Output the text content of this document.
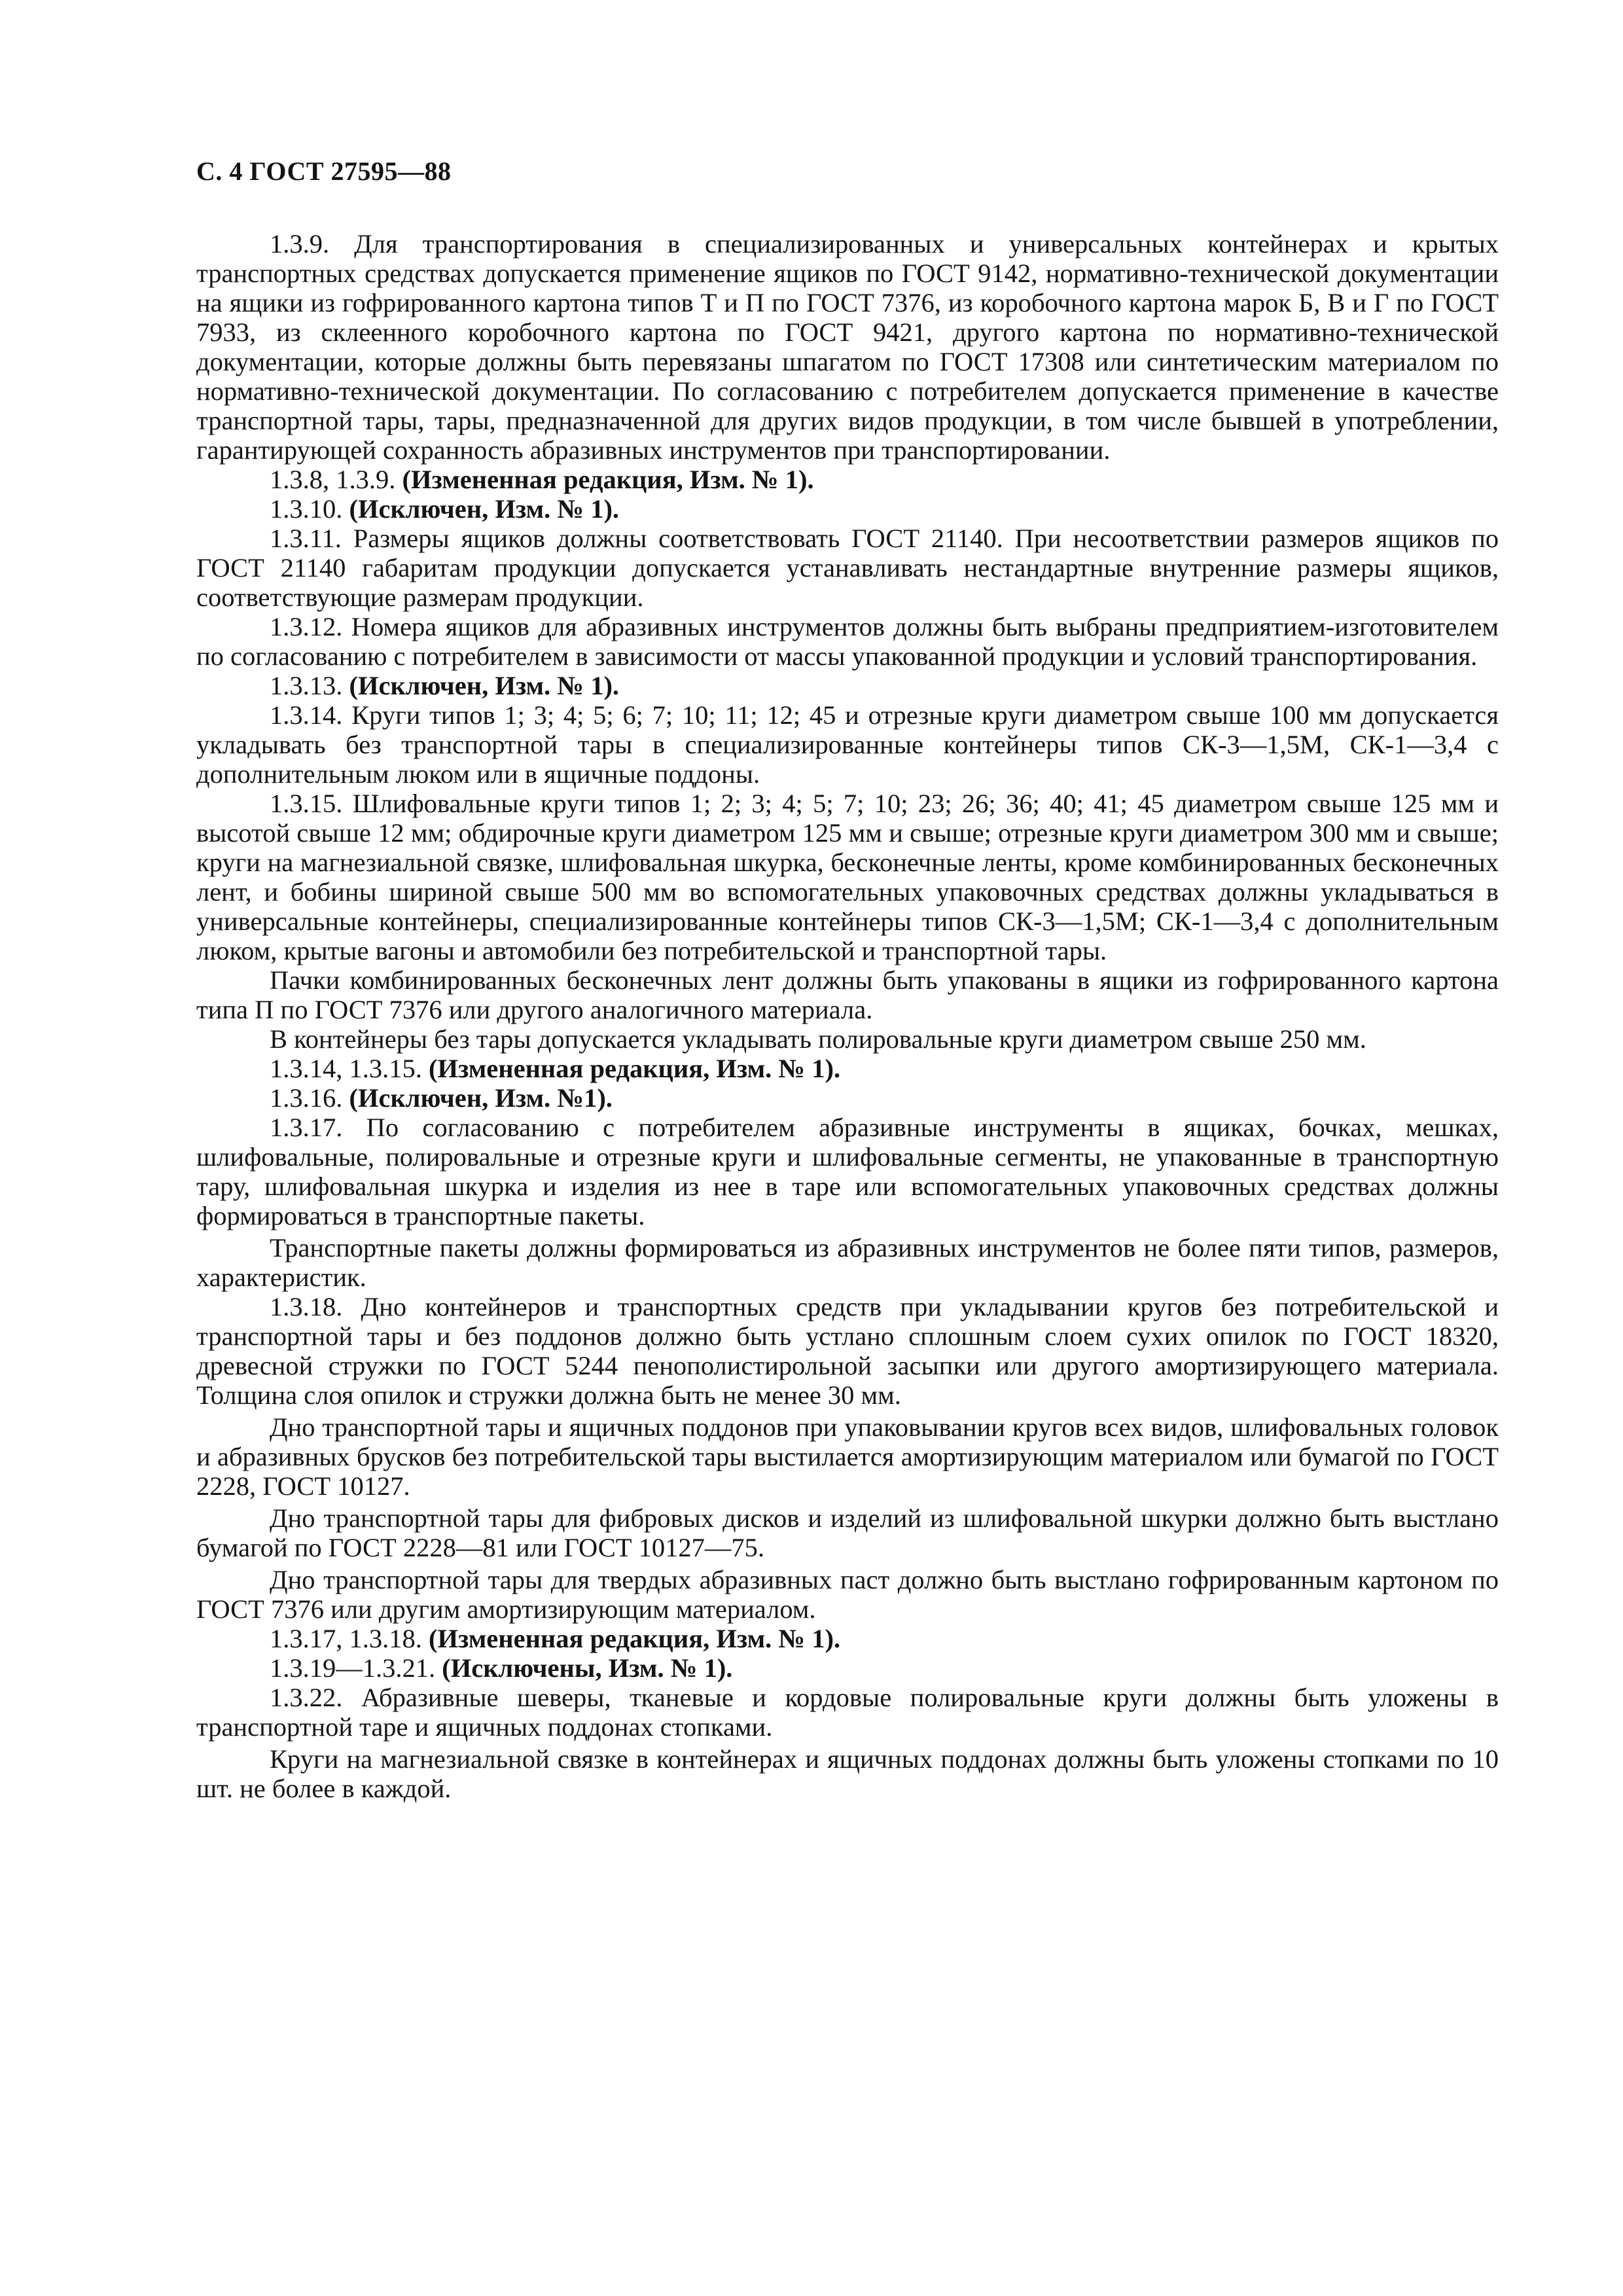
С. 4 ГОСТ 27595—88

1.3.9. Для транспортирования в специализированных и универсальных контейнерах и крытых транспортных средствах допускается применение ящиков по ГОСТ 9142, нормативно-технической документации на ящики из гофрированного картона типов Т и П по ГОСТ 7376, из коробочного картона марок Б, В и Г по ГОСТ 7933, из склеенного коробочного картона по ГОСТ 9421, другого картона по нормативно-технической документации, которые должны быть перевязаны шпагатом по ГОСТ 17308 или синтетическим материалом по нормативно-технической документации. По согласованию с потребителем допускается применение в качестве транспортной тары, тары, предназначенной для других видов продукции, в том числе бывшей в употреблении, гарантирующей сохранность абразивных инструментов при транспортировании.

1.3.8, 1.3.9. (Измененная редакция, Изм. № 1).

1.3.10. (Исключен, Изм. № 1).

1.3.11. Размеры ящиков должны соответствовать ГОСТ 21140. При несоответствии размеров ящиков по ГОСТ 21140 габаритам продукции допускается устанавливать нестандартные внутренние размеры ящиков, соответствующие размерам продукции.

1.3.12. Номера ящиков для абразивных инструментов должны быть выбраны предприятием-изготовителем по согласованию с потребителем в зависимости от массы упакованной продукции и условий транспортирования.

1.3.13. (Исключен, Изм. № 1).

1.3.14. Круги типов 1; 3; 4; 5; 6; 7; 10; 11; 12; 45 и отрезные круги диаметром свыше 100 мм допускается укладывать без транспортной тары в специализированные контейнеры типов СК-3—1,5М, СК-1—3,4 с дополнительным люком или в ящичные поддоны.

1.3.15. Шлифовальные круги типов 1; 2; 3; 4; 5; 7; 10; 23; 26; 36; 40; 41; 45 диаметром свыше 125 мм и высотой свыше 12 мм; обдирочные круги диаметром 125 мм и свыше; отрезные круги диаметром 300 мм и свыше; круги на магнезиальной связке, шлифовальная шкурка, бесконечные ленты, кроме комбинированных бесконечных лент, и бобины шириной свыше 500 мм во вспомогательных упаковочных средствах должны укладываться в универсальные контейнеры, специализированные контейнеры типов СК-3—1,5М; СК-1—3,4 с дополнительным люком, крытые вагоны и автомобили без потребительской и транспортной тары.

Пачки комбинированных бесконечных лент должны быть упакованы в ящики из гофрированного картона типа П по ГОСТ 7376 или другого аналогичного материала.

В контейнеры без тары допускается укладывать полировальные круги диаметром свыше 250 мм.

1.3.14, 1.3.15. (Измененная редакция, Изм. № 1).

1.3.16. (Исключен, Изм. №1).

1.3.17. По согласованию с потребителем абразивные инструменты в ящиках, бочках, мешках, шлифовальные, полировальные и отрезные круги и шлифовальные сегменты, не упакованные в транспортную тару, шлифовальная шкурка и изделия из нее в таре или вспомогательных упаковочных средствах должны формироваться в транспортные пакеты.

Транспортные пакеты должны формироваться из абразивных инструментов не более пяти типов, размеров, характеристик.

1.3.18. Дно контейнеров и транспортных средств при укладывании кругов без потребительской и транспортной тары и без поддонов должно быть устлано сплошным слоем сухих опилок по ГОСТ 18320, древесной стружки по ГОСТ 5244 пенополистирольной засыпки или другого амортизирующего материала. Толщина слоя опилок и стружки должна быть не менее 30 мм.

Дно транспортной тары и ящичных поддонов при упаковывании кругов всех видов, шлифовальных головок и абразивных брусков без потребительской тары выстилается амортизирующим материалом или бумагой по ГОСТ 2228, ГОСТ 10127.

Дно транспортной тары для фибровых дисков и изделий из шлифовальной шкурки должно быть выстлано бумагой по ГОСТ 2228—81 или ГОСТ 10127—75.

Дно транспортной тары для твердых абразивных паст должно быть выстлано гофрированным картоном по ГОСТ 7376 или другим амортизирующим материалом.

1.3.17, 1.3.18. (Измененная редакция, Изм. № 1).

1.3.19—1.3.21. (Исключены, Изм. № 1).

1.3.22. Абразивные шеверы, тканевые и кордовые полировальные круги должны быть уложены в транспортной таре и ящичных поддонах стопками.

Круги на магнезиальной связке в контейнерах и ящичных поддонах должны быть уложены стопками по 10 шт. не более в каждой.
